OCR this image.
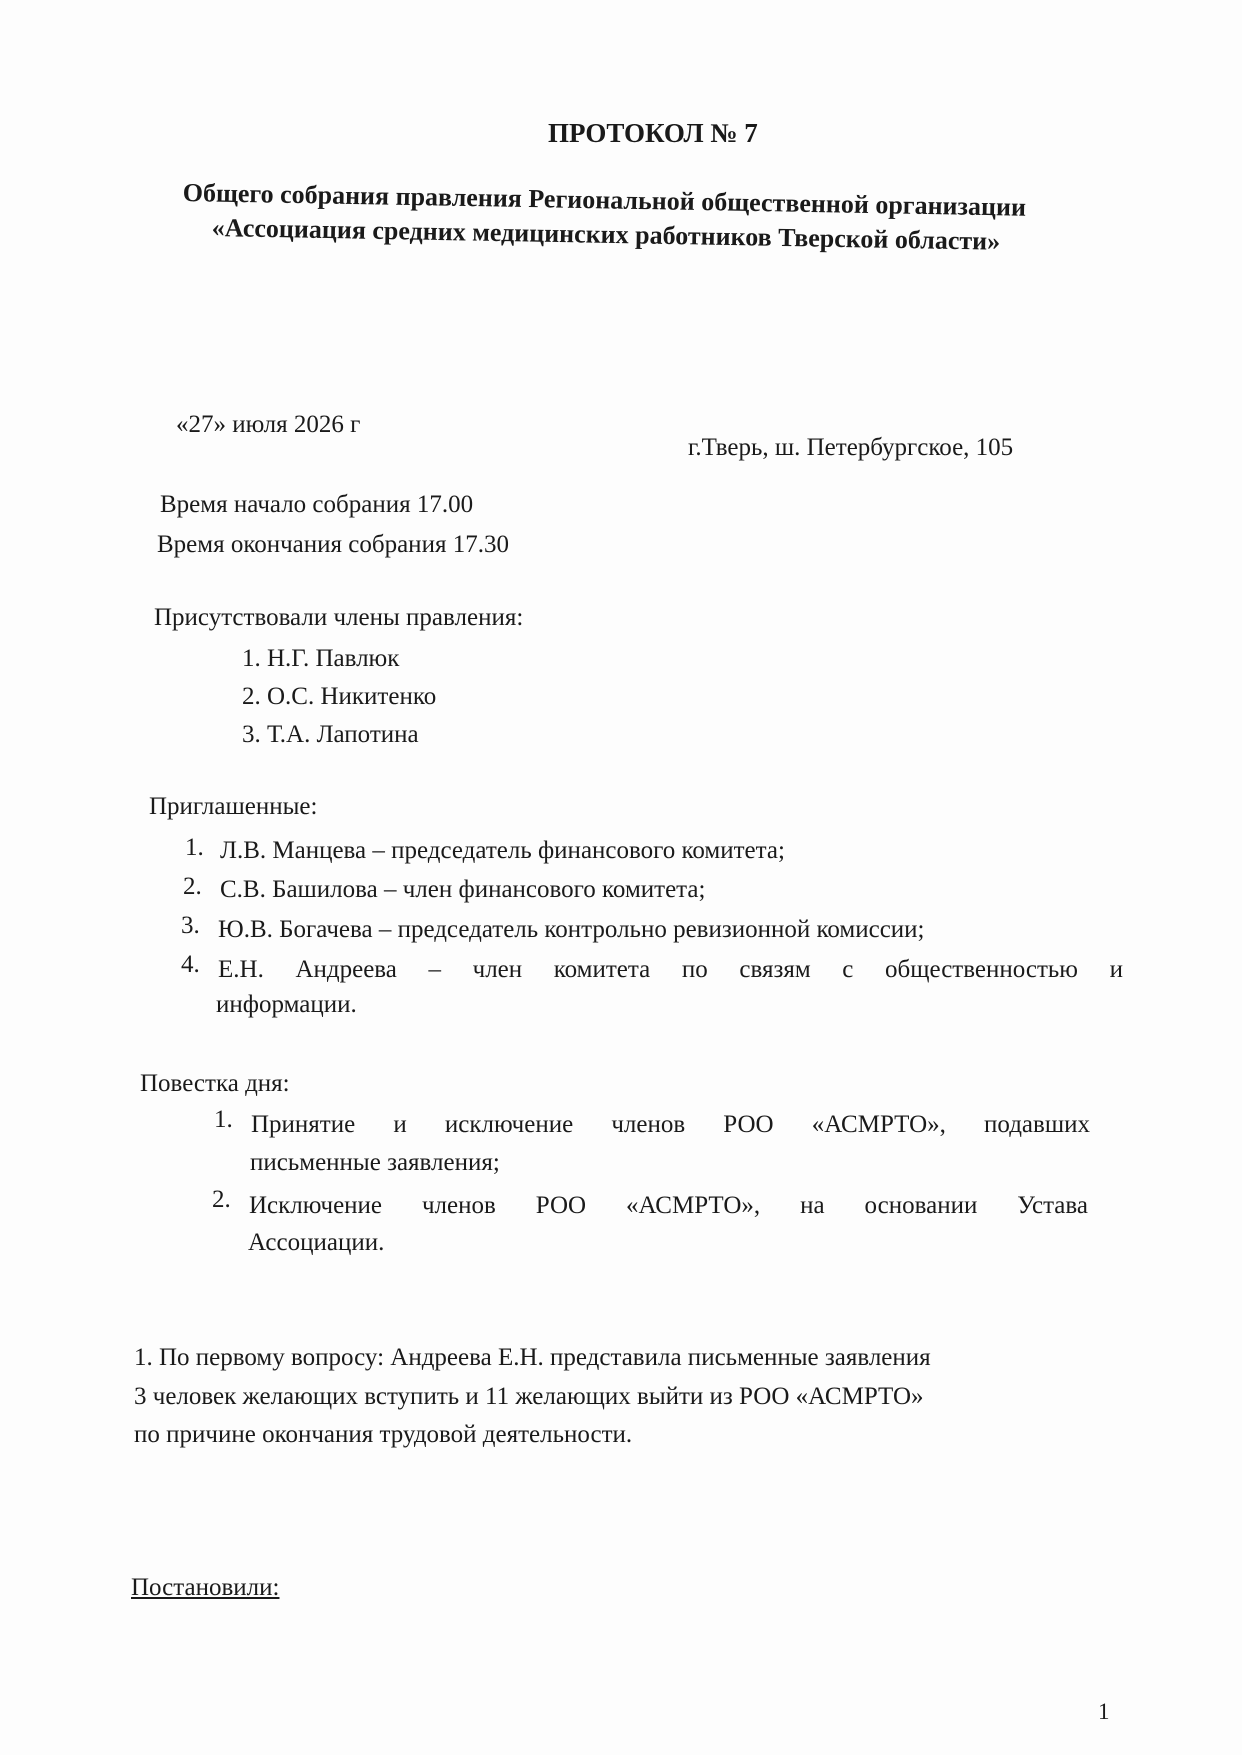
ПРОТОКОЛ № 7
Общего собрания правления Региональной общественной организации
«Ассоциация средних медицинских работников Тверской области»
«27» июля 2026 г
г.Тверь, ш. Петербургское, 105
Время начало собрания 17.00
Время окончания собрания 17.30
Присутствовали члены правления:
1. Н.Г. Павлюк
2. О.С. Никитенко
3. Т.А. Лапотина
Приглашенные:
1. Л.В. Манцева – председатель финансового комитета;
2. С.В. Башилова – член финансового комитета;
3. Ю.В. Богачева – председатель контрольно ревизионной комиссии;
4. Е.Н. Андреева – член комитета по связям с общественностью и
информации.
Повестка дня:
1. Принятие и исключение членов РОО «АСМРТО», подавших
письменные заявления;
2. Исключение членов РОО «АСМРТО», на основании Устава
Ассоциации.
1. По первому вопросу: Андреева Е.Н. представила письменные заявления
3 человек желающих вступить и 11 желающих выйти из РОО «АСМРТО»
по причине окончания трудовой деятельности.
Постановили:
1
